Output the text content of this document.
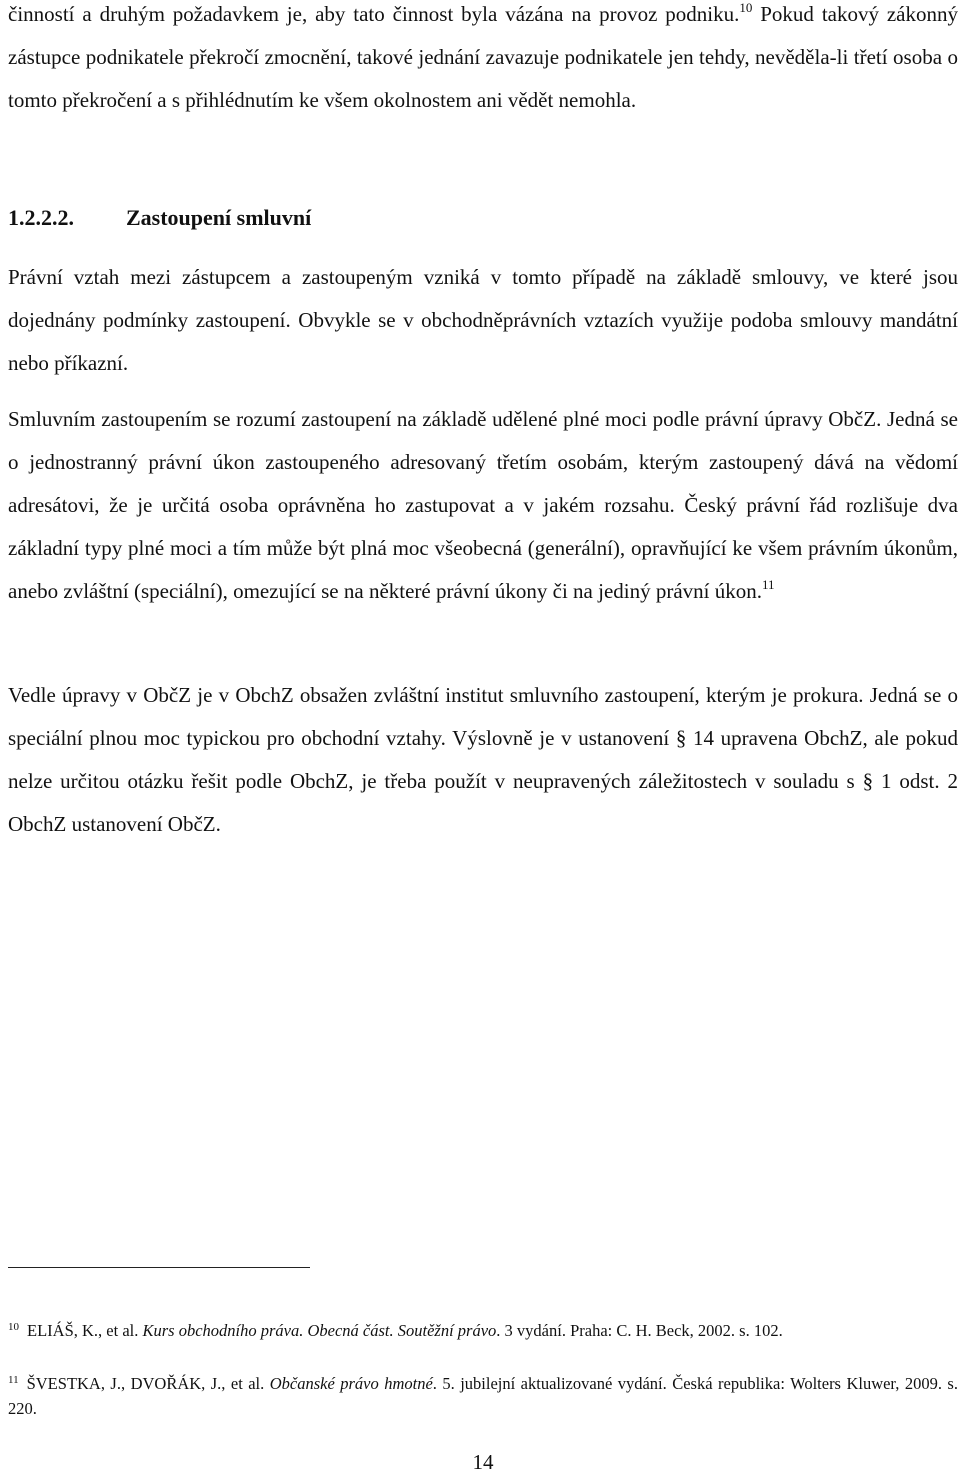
činností a druhým požadavkem je, aby tato činnost byla vázána na provoz podniku.$^{10}$ Pokud takový zákonný zástupce podnikatele překročí zmocnění, takové jednání zavazuje podnikatele jen tehdy, nevěděla-li třetí osoba o tomto překročení a s přihlédnutím ke všem okolnostem ani vědět nemohla.

1.2.2.2. Zastoupení smluvní

Právní vztah mezi zástupcem a zastoupeným vzniká v tomto případě na základě smlouvy, ve které jsou dojednány podmínky zastoupení. Obvykle se v obchodněprávních vztazích využije podoba smlouvy mandátní nebo příkazní.

Smluvním zastoupením se rozumí zastoupení na základě udělené plné moci podle právní úpravy ObčZ. Jedná se o jednostranný právní úkon zastoupeného adresovaný třetím osobám, kterým zastoupený dává na vědomí adresátovi, že je určitá osoba oprávněna ho zastupovat a v jakém rozsahu. Český právní řád rozlišuje dva základní typy plné moci a tím může být plná moc všeobecná (generální), opravňující ke všem právním úkonům, anebo zvláštní (speciální), omezující se na některé právní úkony či na jediný právní úkon.$^{11}$

Vedle úpravy v ObčZ je v ObchZ obsažen zvláštní institut smluvního zastoupení, kterým je prokura. Jedná se o speciální plnou moc typickou pro obchodní vztahy. Výslovně je v ustanovení § 14 upravena ObchZ, ale pokud nelze určitou otázku řešit podle ObchZ, je třeba použít v neupravených záležitostech v souladu s § 1 odst. 2 ObchZ ustanovení ObčZ.

$^{10}$ ELIÁŠ, K., et al. Kurs obchodního práva. Obecná část. Soutěžní právo. 3 vydání. Praha: C. H. Beck, 2002. s. 102.

$^{11}$ ŠVESTKA, J., DVOŘÁK, J., et al. Občanské právo hmotné. 5. jubilejní aktualizované vydání. Česká republika: Wolters Kluwer, 2009. s. 220.

14
